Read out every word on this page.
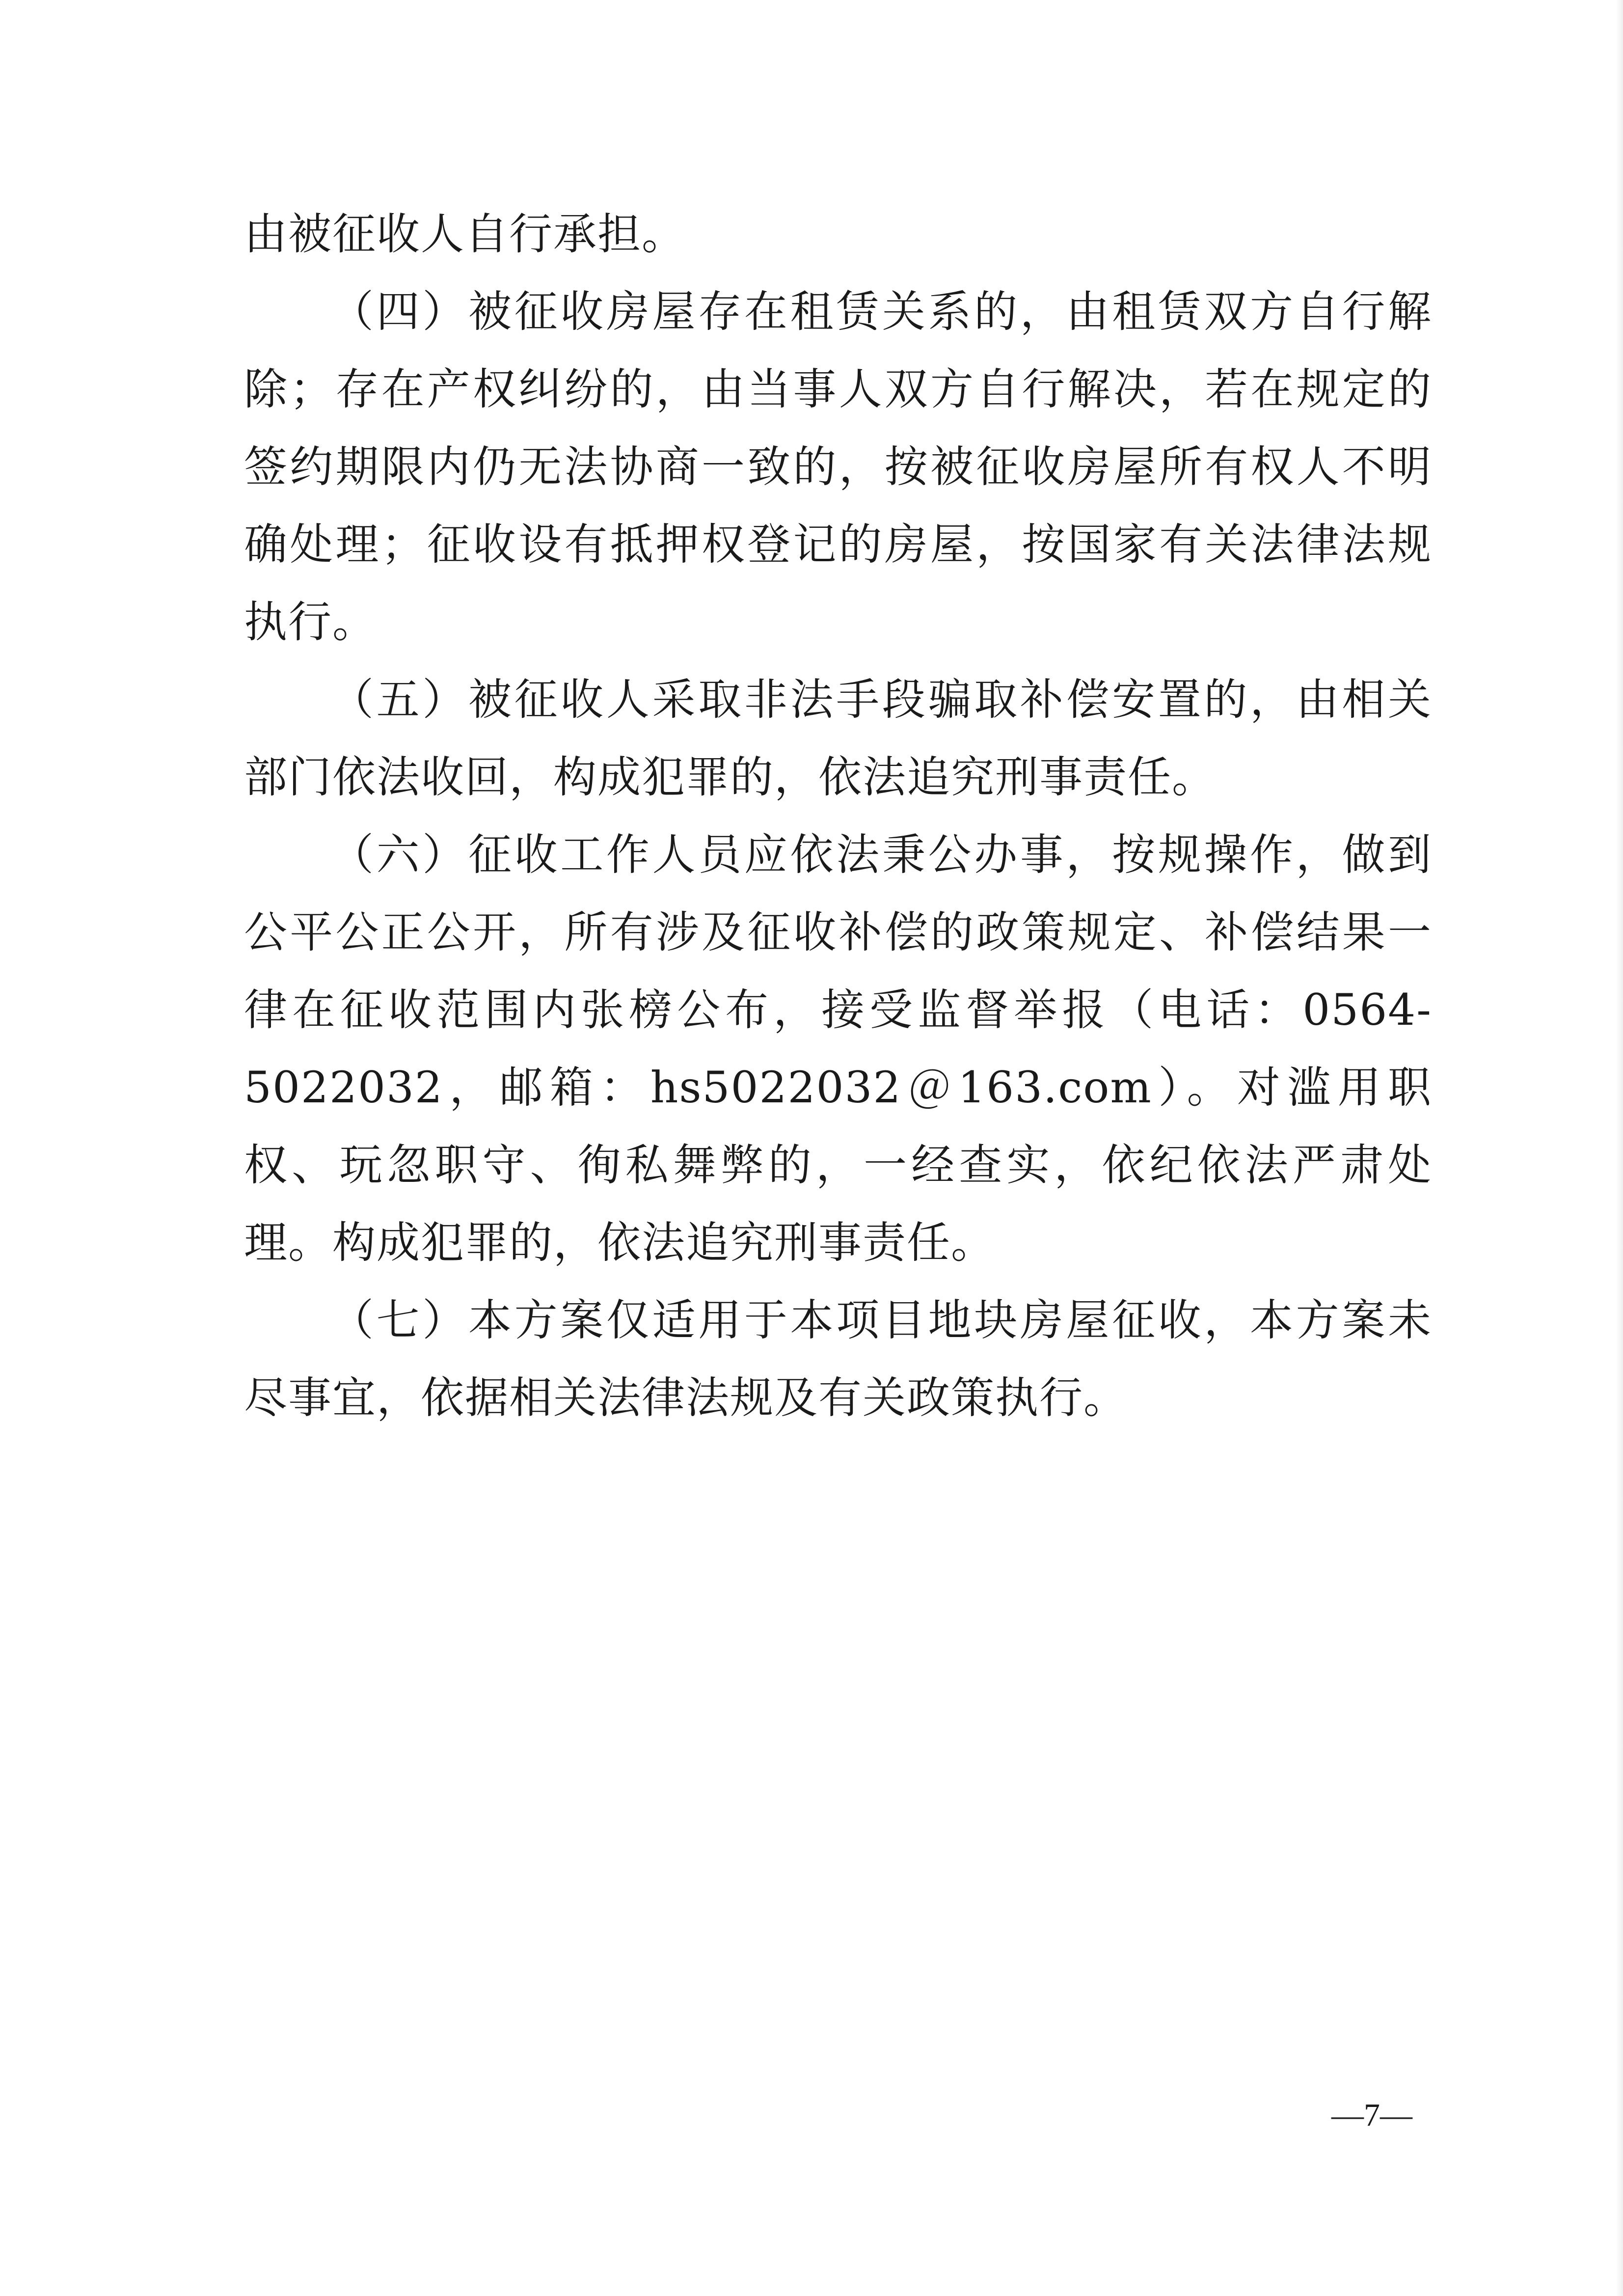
由被征收人自行承担。

（四）被征收房屋存在租赁关系的，由租赁双方自行解除；存在产权纠纷的，由当事人双方自行解决，若在规定的签约期限内仍无法协商一致的，按被征收房屋所有权人不明确处理；征收设有抵押权登记的房屋，按国家有关法律法规执行。

（五）被征收人采取非法手段骗取补偿安置的，由相关部门依法收回，构成犯罪的，依法追究刑事责任。

（六）征收工作人员应依法秉公办事，按规操作，做到公平公正公开，所有涉及征收补偿的政策规定、补偿结果一律在征收范围内张榜公布，接受监督举报（电话：0564-5022032，邮箱：hs5022032＠163.com）。对滥用职权、玩忽职守、徇私舞弊的，一经查实，依纪依法严肃处理。构成犯罪的，依法追究刑事责任。

（七）本方案仅适用于本项目地块房屋征收，本方案未尽事宜，依据相关法律法规及有关政策执行。

—7—
